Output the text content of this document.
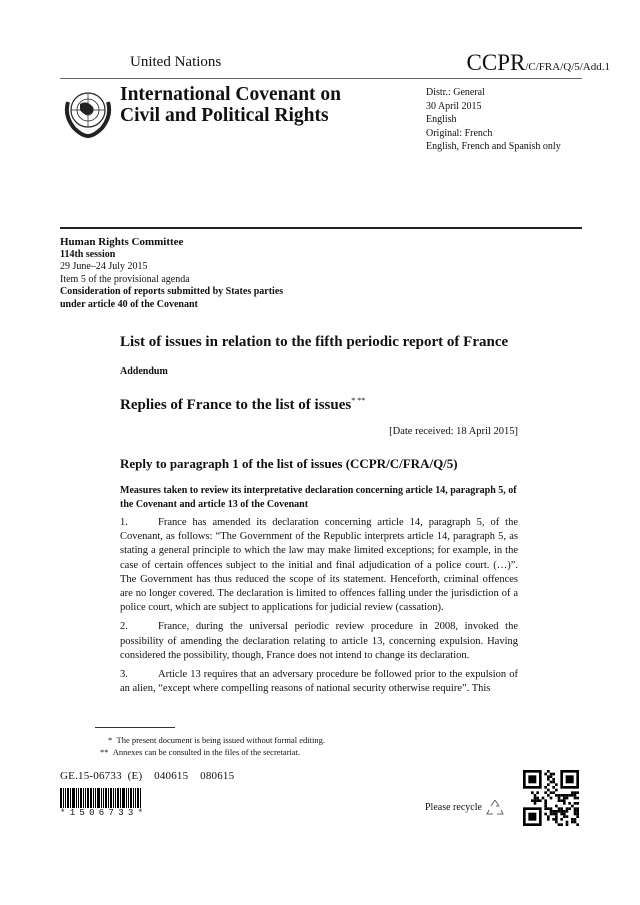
United Nations	CCPR/C/FRA/Q/5/Add.1
International Covenant on
Civil and Political Rights
Distr.: General
30 April 2015
English
Original: French
English, French and Spanish only
Human Rights Committee
114th session
29 June–24 July 2015
Item 5 of the provisional agenda
Consideration of reports submitted by States parties
under article 40 of the Covenant
List of issues in relation to the fifth periodic report of France
Addendum
Replies of France to the list of issues* **
[Date received: 18 April 2015]
Reply to paragraph 1 of the list of issues (CCPR/C/FRA/Q/5)
Measures taken to review its interpretative declaration concerning article 14, paragraph 5, of the Covenant and article 13 of the Covenant

1.	France has amended its declaration concerning article 14, paragraph 5, of the Covenant, as follows: “The Government of the Republic interprets article 14, paragraph 5, as stating a general principle to which the law may make limited exceptions; for example, in the case of certain offences subject to the initial and final adjudication of a police court. (…)”. The Government has thus reduced the scope of its statement. Henceforth, criminal offences are no longer covered. The declaration is limited to offences falling under the jurisdiction of a police court, which are subject to applications for judicial review (cassation).

2.	France, during the universal periodic review procedure in 2008, invoked the possibility of amending the declaration relating to article 13, concerning expulsion. Having considered the possibility, though, France does not intend to change its declaration.

3.	Article 13 requires that an adversary procedure be followed prior to the expulsion of an alien, “except where compelling reasons of national security otherwise require”. This

* The present document is being issued without formal editing.
** Annexes can be consulted in the files of the secretariat.
GE.15-06733  (E)    040615    080615
*1506733*
Please recycle
